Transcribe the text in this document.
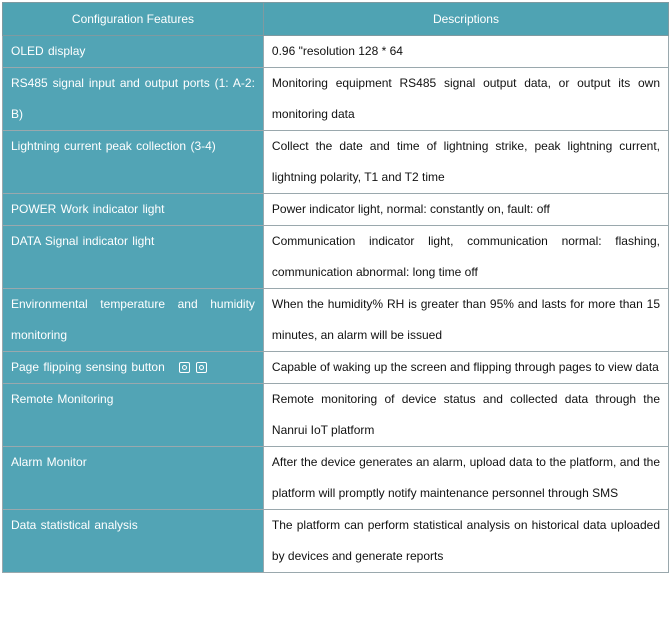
Configuration Features	Descriptions
OLED display	0.96 "resolution 128 * 64
RS485 signal input and output ports (1: A-2: B)	Monitoring equipment RS485 signal output data, or output its own monitoring data
Lightning current peak collection (3-4)	Collect the date and time of lightning strike, peak lightning current, lightning polarity, T1 and T2 time
POWER Work indicator light	Power indicator light, normal: constantly on, fault: off
DATA Signal indicator light	Communication indicator light, communication normal: flashing, communication abnormal: long time off
Environmental temperature and humidity monitoring	When the humidity% RH is greater than 95% and lasts for more than 15 minutes, an alarm will be issued
Page flipping sensing button	Capable of waking up the screen and flipping through pages to view data
Remote Monitoring	Remote monitoring of device status and collected data through the Nanrui IoT platform
Alarm Monitor	After the device generates an alarm, upload data to the platform, and the platform will promptly notify maintenance personnel through SMS
Data statistical analysis	The platform can perform statistical analysis on historical data uploaded by devices and generate reports
